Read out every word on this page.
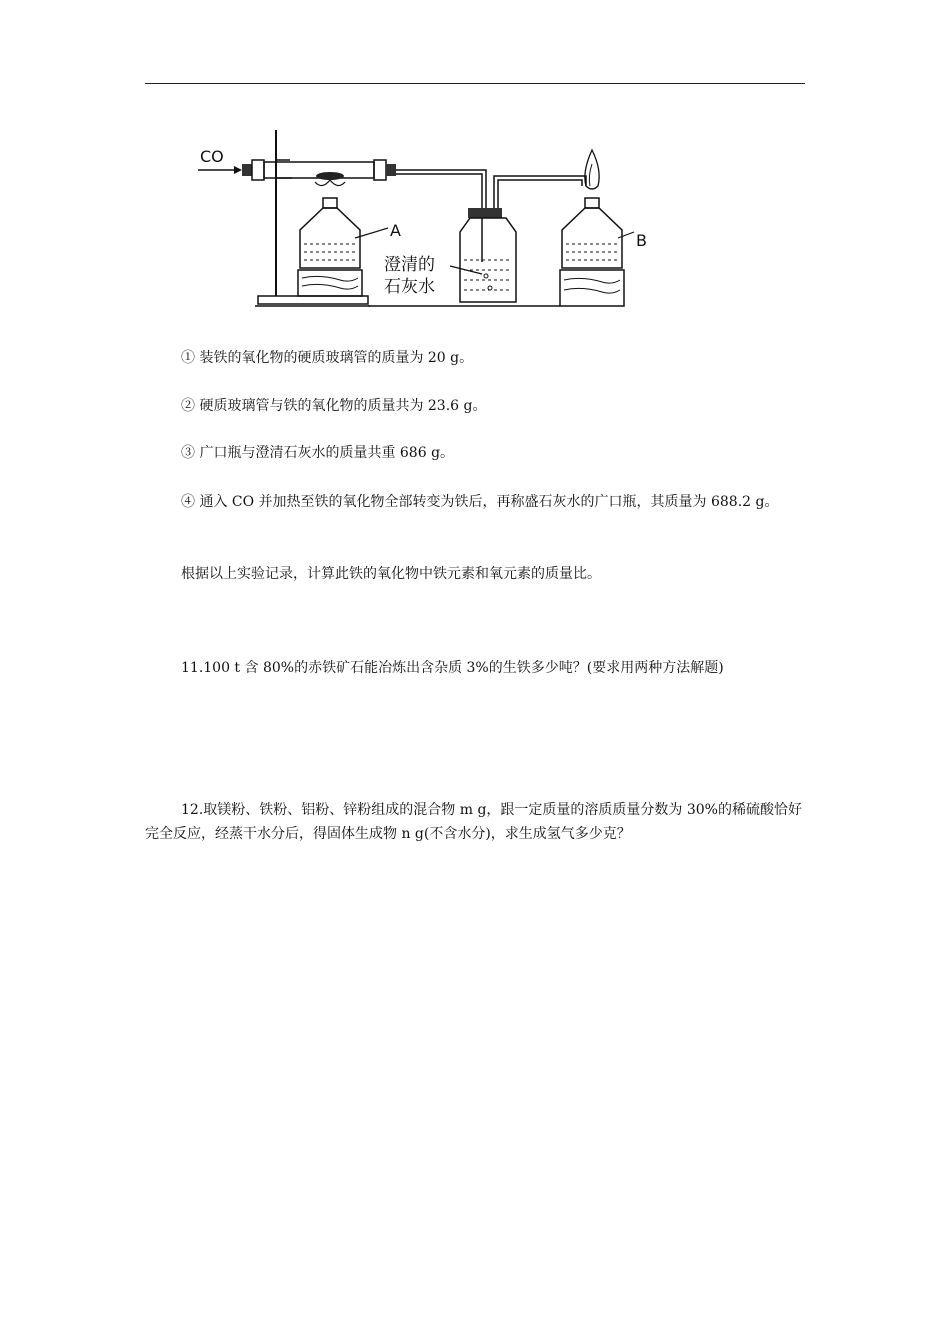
CO
A
澄清的
石灰水
B
① 装铁的氧化物的硬质玻璃管的质量为 20 g。
② 硬质玻璃管与铁的氧化物的质量共为 23.6 g。
③ 广口瓶与澄清石灰水的质量共重 686 g。
④ 通入 CO 并加热至铁的氧化物全部转变为铁后，再称盛石灰水的广口瓶，其质量为 688.2 g。
根据以上实验记录，计算此铁的氧化物中铁元素和氧元素的质量比。
11.100 t 含 80%的赤铁矿石能冶炼出含杂质 3%的生铁多少吨？(要求用两种方法解题)
12.取镁粉、铁粉、铝粉、锌粉组成的混合物 m g，跟一定质量的溶质质量分数为 30%的稀硫酸恰好完全反应，经蒸干水分后，得固体生成物 n g(不含水分)，求生成氢气多少克？
